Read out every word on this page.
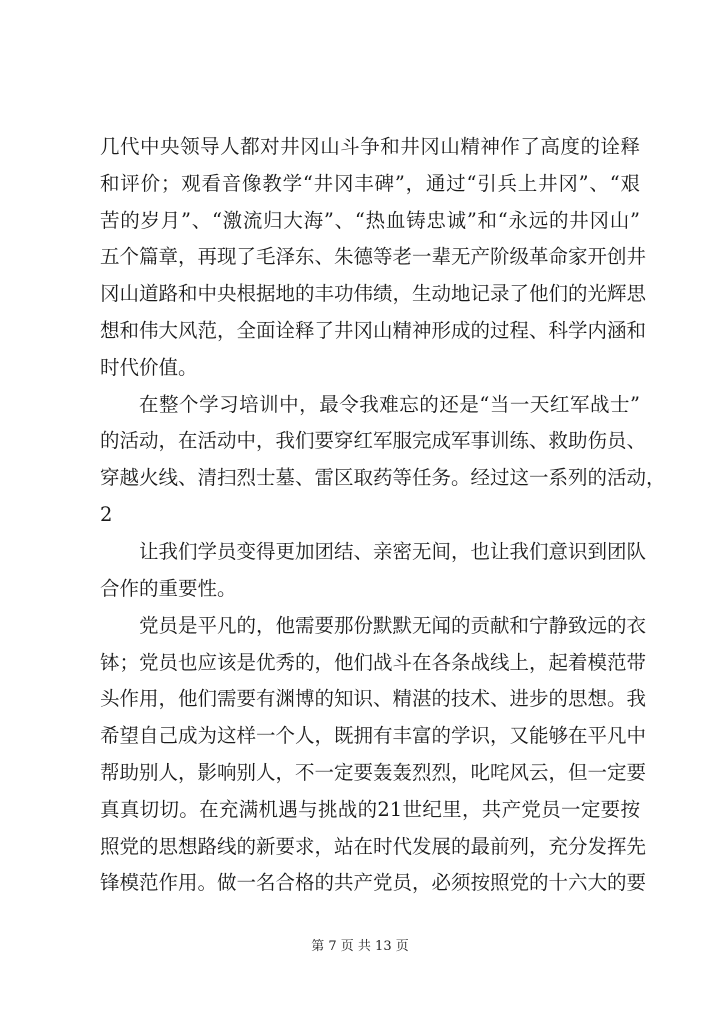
几代中央领导人都对井冈山斗争和井冈山精神作了高度的诠释
和评价；观看音像教学“井冈丰碑”，通过“引兵上井冈”、“艰
苦的岁月”、“激流归大海”、“热血铸忠诚”和“永远的井冈山”
五个篇章，再现了毛泽东、朱德等老一辈无产阶级革命家开创井
冈山道路和中央根据地的丰功伟绩，生动地记录了他们的光辉思
想和伟大风范，全面诠释了井冈山精神形成的过程、科学内涵和
时代价值。
在整个学习培训中，最令我难忘的还是“当一天红军战士”
的活动，在活动中，我们要穿红军服完成军事训练、救助伤员、
穿越火线、清扫烈士墓、雷区取药等任务。经过这一系列的活动，
2
让我们学员变得更加团结、亲密无间，也让我们意识到团队
合作的重要性。
党员是平凡的，他需要那份默默无闻的贡献和宁静致远的衣
钵；党员也应该是优秀的，他们战斗在各条战线上，起着模范带
头作用，他们需要有渊博的知识、精湛的技术、进步的思想。我
希望自己成为这样一个人，既拥有丰富的学识，又能够在平凡中
帮助别人，影响别人，不一定要轰轰烈烈，叱咤风云，但一定要
真真切切。在充满机遇与挑战的21世纪里，共产党员一定要按
照党的思想路线的新要求，站在时代发展的最前列，充分发挥先
锋模范作用。做一名合格的共产党员，必须按照党的十六大的要
第 7 页 共 13 页
